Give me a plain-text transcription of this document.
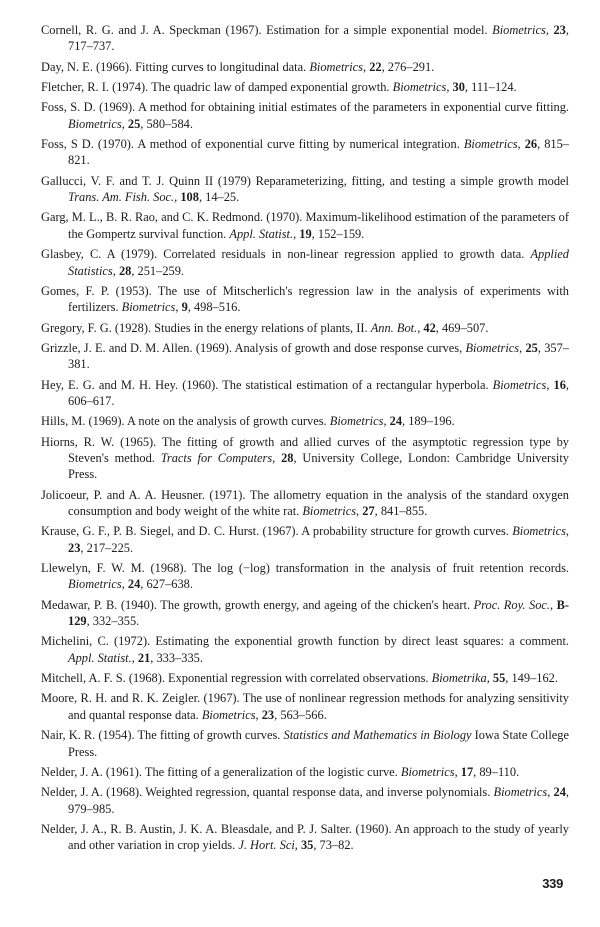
Cornell, R. G. and J. A. Speckman (1967). Estimation for a simple exponential model. Biometrics, 23, 717–737.
Day, N. E. (1966). Fitting curves to longitudinal data. Biometrics, 22, 276–291.
Fletcher, R. I. (1974). The quadric law of damped exponential growth. Biometrics, 30, 111–124.
Foss, S. D. (1969). A method for obtaining initial estimates of the parameters in exponential curve fitting. Biometrics, 25, 580–584.
Foss, S D. (1970). A method of exponential curve fitting by numerical integration. Biometrics, 26, 815–821.
Gallucci, V. F. and T. J. Quinn II (1979) Reparameterizing, fitting, and testing a simple growth model Trans. Am. Fish. Soc., 108, 14–25.
Garg, M. L., B. R. Rao, and C. K. Redmond. (1970). Maximum-likelihood estimation of the parameters of the Gompertz survival function. Appl. Statist., 19, 152–159.
Glasbey, C. A (1979). Correlated residuals in non-linear regression applied to growth data. Applied Statistics, 28, 251–259.
Gomes, F. P. (1953). The use of Mitscherlich's regression law in the analysis of experiments with fertilizers. Biometrics, 9, 498–516.
Gregory, F. G. (1928). Studies in the energy relations of plants, II. Ann. Bot., 42, 469–507.
Grizzle, J. E. and D. M. Allen. (1969). Analysis of growth and dose response curves, Biometrics, 25, 357–381.
Hey, E. G. and M. H. Hey. (1960). The statistical estimation of a rectangular hyperbola. Biometrics, 16, 606–617.
Hills, M. (1969). A note on the analysis of growth curves. Biometrics, 24, 189–196.
Hiorns, R. W. (1965). The fitting of growth and allied curves of the asymptotic regression type by Steven's method. Tracts for Computers, 28, University College, London: Cambridge University Press.
Jolicoeur, P. and A. A. Heusner. (1971). The allometry equation in the analysis of the standard oxygen consumption and body weight of the white rat. Biometrics, 27, 841–855.
Krause, G. F., P. B. Siegel, and D. C. Hurst. (1967). A probability structure for growth curves. Biometrics, 23, 217–225.
Llewelyn, F. W. M. (1968). The log (−log) transformation in the analysis of fruit retention records. Biometrics, 24, 627–638.
Medawar, P. B. (1940). The growth, growth energy, and ageing of the chicken's heart. Proc. Roy. Soc., B-129, 332–355.
Michelini, C. (1972). Estimating the exponential growth function by direct least squares: a comment. Appl. Statist., 21, 333–335.
Mitchell, A. F. S. (1968). Exponential regression with correlated observations. Biometrika, 55, 149–162.
Moore, R. H. and R. K. Zeigler. (1967). The use of nonlinear regression methods for analyzing sensitivity and quantal response data. Biometrics, 23, 563–566.
Nair, K. R. (1954). The fitting of growth curves. Statistics and Mathematics in Biology Iowa State College Press.
Nelder, J. A. (1961). The fitting of a generalization of the logistic curve. Biometrics, 17, 89–110.
Nelder, J. A. (1968). Weighted regression, quantal response data, and inverse polynomials. Biometrics, 24, 979–985.
Nelder, J. A., R. B. Austin, J. K. A. Bleasdale, and P. J. Salter. (1960). An approach to the study of yearly and other variation in crop yields. J. Hort. Sci, 35, 73–82.
339
